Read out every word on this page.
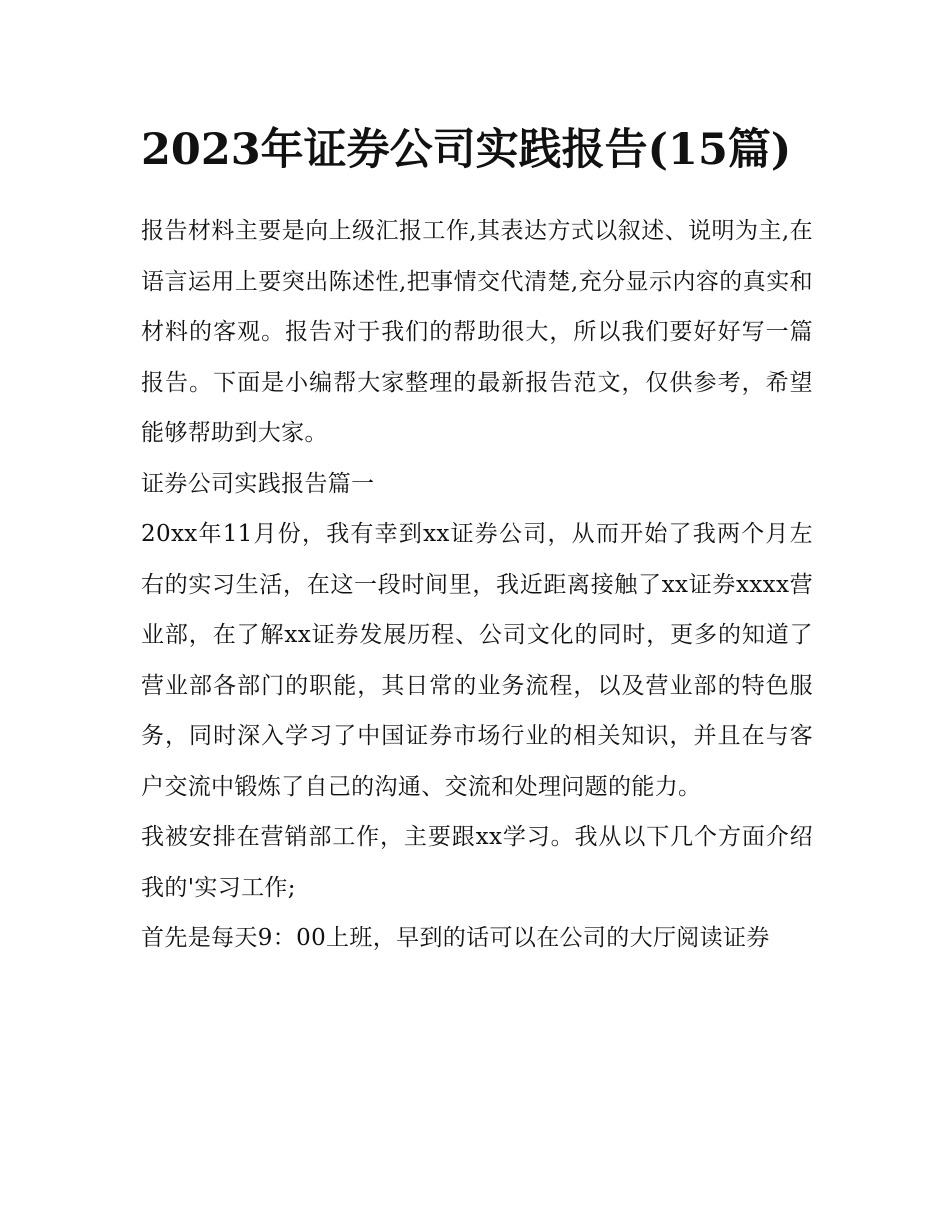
2023年证券公司实践报告(15篇)

报告材料主要是向上级汇报工作,其表达方式以叙述、说明为主,在语言运用上要突出陈述性,把事情交代清楚,充分显示内容的真实和材料的客观。报告对于我们的帮助很大，所以我们要好好写一篇报告。下面是小编帮大家整理的最新报告范文，仅供参考，希望能够帮助到大家。

证券公司实践报告篇一

20xx年11月份，我有幸到xx证券公司，从而开始了我两个月左右的实习生活，在这一段时间里，我近距离接触了xx证券xxxx营业部，在了解xx证券发展历程、公司文化的同时，更多的知道了营业部各部门的职能，其日常的业务流程，以及营业部的特色服务，同时深入学习了中国证券市场行业的相关知识，并且在与客户交流中锻炼了自己的沟通、交流和处理问题的能力。

我被安排在营销部工作，主要跟xx学习。我从以下几个方面介绍我的'实习工作;

首先是每天9：00上班，早到的话可以在公司的大厅阅读证券
